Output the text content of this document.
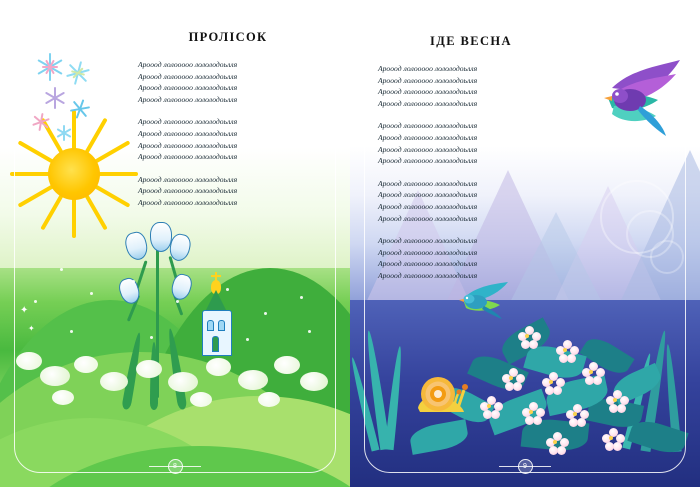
✦
✦
ПРОЛІСОК
Арооод лолооооо лололодоьлля
Арооод лолооооо лололодоьлля
Арооод лолооооо лололодоьлля
Арооод лолооооо лололодоьлля
Арооод лолооооо лололодоьлля
Арооод лолооооо лололодоьлля
Арооод лолооооо лололодоьлля
Арооод лолооооо лололодоьлля
Арооод лолооооо лололодоьлля
Арооод лолооооо лололодоьлля
Арооод лолооооо лололодоьлля
8
ІДЕ ВЕСНА
Арооод лолооооо лололодоьлля
Арооод лолооооо лололодоьлля
Арооод лолооооо лололодоьлля
Арооод лолооооо лололодоьлля
Арооод лолооооо лололодоьлля
Арооод лолооооо лололодоьлля
Арооод лолооооо лололодоьлля
Арооод лолооооо лололодоьлля
Арооод лолооооо лололодоьлля
Арооод лолооооо лололодоьлля
Арооод лолооооо лололодоьлля
Арооод лолооооо лололодоьлля
Арооод лолооооо лололодоьлля
Арооод лолооооо лололодоьлля
Арооод лолооооо лололодоьлля
Арооод лолооооо лололодоьлля
9
